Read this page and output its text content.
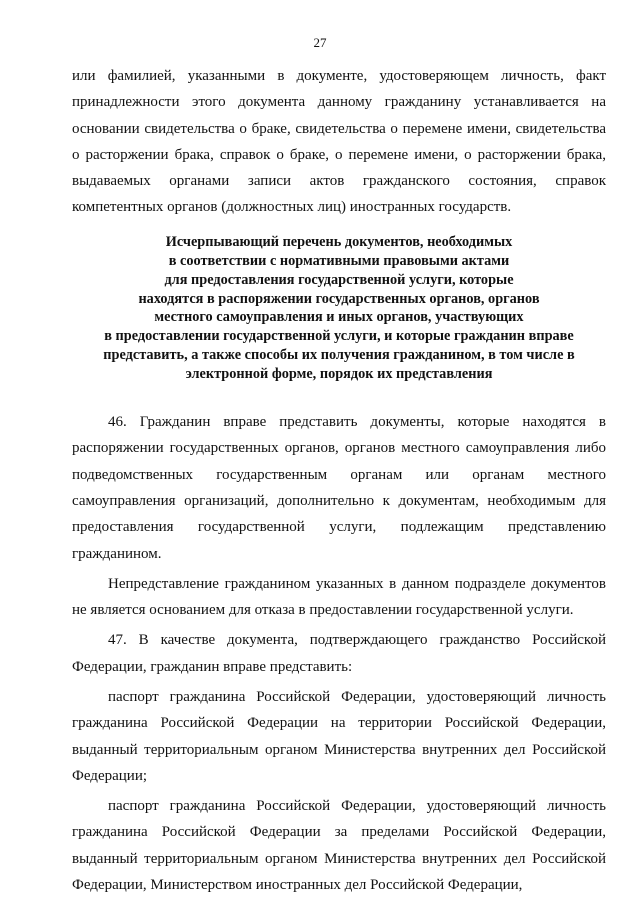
27

или фамилией, указанными в документе, удостоверяющем личность, факт принадлежности этого документа данному гражданину устанавливается на основании свидетельства о браке, свидетельства о перемене имени, свидетельства о расторжении брака, справок о браке, о перемене имени, о расторжении брака, выдаваемых органами записи актов гражданского состояния, справок компетентных органов (должностных лиц) иностранных государств.

Исчерпывающий перечень документов, необходимых
в соответствии с нормативными правовыми актами
для предоставления государственной услуги, которые
находятся в распоряжении государственных органов, органов
местного самоуправления и иных органов, участвующих
в предоставлении государственной услуги, и которые гражданин вправе
представить, а также способы их получения гражданином, в том числе в
электронной форме, порядок их представления

46. Гражданин вправе представить документы, которые находятся в распоряжении государственных органов, органов местного самоуправления либо подведомственных государственным органам или органам местного самоуправления организаций, дополнительно к документам, необходимым для предоставления государственной услуги, подлежащим представлению гражданином.

Непредставление гражданином указанных в данном подразделе документов не является основанием для отказа в предоставлении государственной услуги.

47. В качестве документа, подтверждающего гражданство Российской Федерации, гражданин вправе представить:

паспорт гражданина Российской Федерации, удостоверяющий личность гражданина Российской Федерации на территории Российской Федерации, выданный территориальным органом Министерства внутренних дел Российской Федерации;

паспорт гражданина Российской Федерации, удостоверяющий личность гражданина Российской Федерации за пределами Российской Федерации, выданный территориальным органом Министерства внутренних дел Российской Федерации, Министерством иностранных дел Российской Федерации,
